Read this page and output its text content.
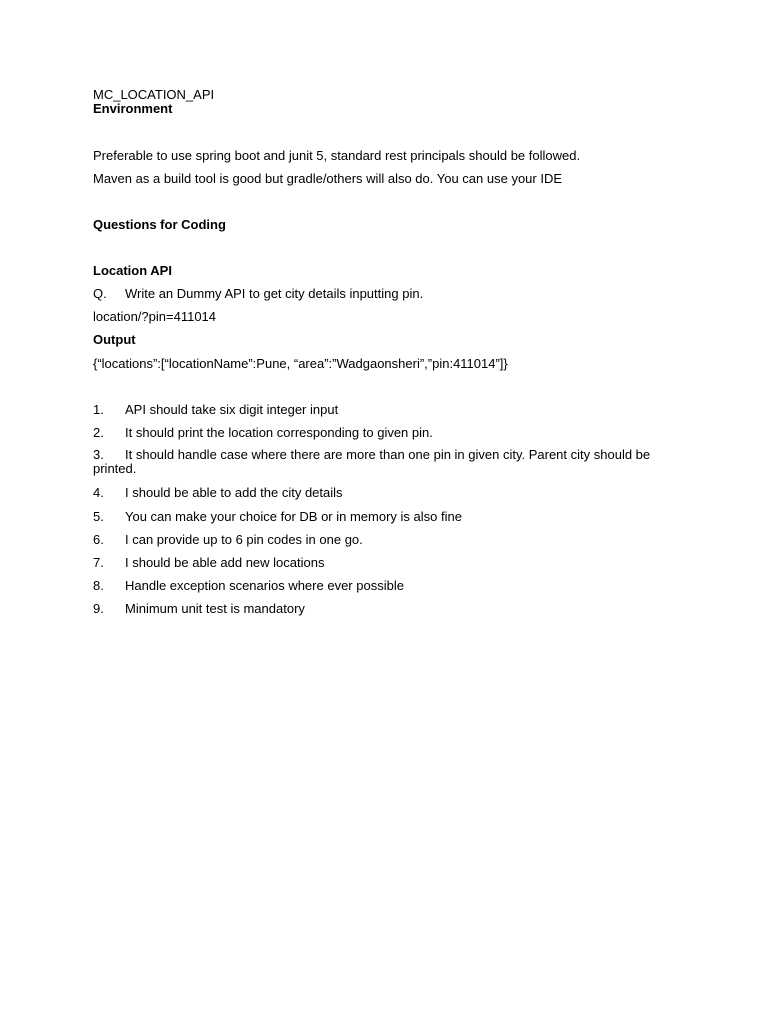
MC_LOCATION_API
Environment
Preferable to use spring boot and junit 5, standard rest principals should be followed.
Maven as a build tool is good but gradle/others will also do. You can use your IDE
Questions for Coding
Location API
Q. Write an Dummy API to get city details inputting pin.
location/?pin=411014
Output
{“locations”:[“locationName”:Pune, “area”:”Wadgaonsheri”,”pin:411014”]}
1. API should take six digit integer input
2. It should print the location corresponding to given pin.
3. It should handle case where there are more than one pin in given city. Parent city should be printed.
4. I should be able to add the city details
5. You can make your choice for DB or in memory is also fine
6. I can provide up to 6 pin codes in one go.
7. I should be able add new locations
8. Handle exception scenarios where ever possible
9. Minimum unit test is mandatory
